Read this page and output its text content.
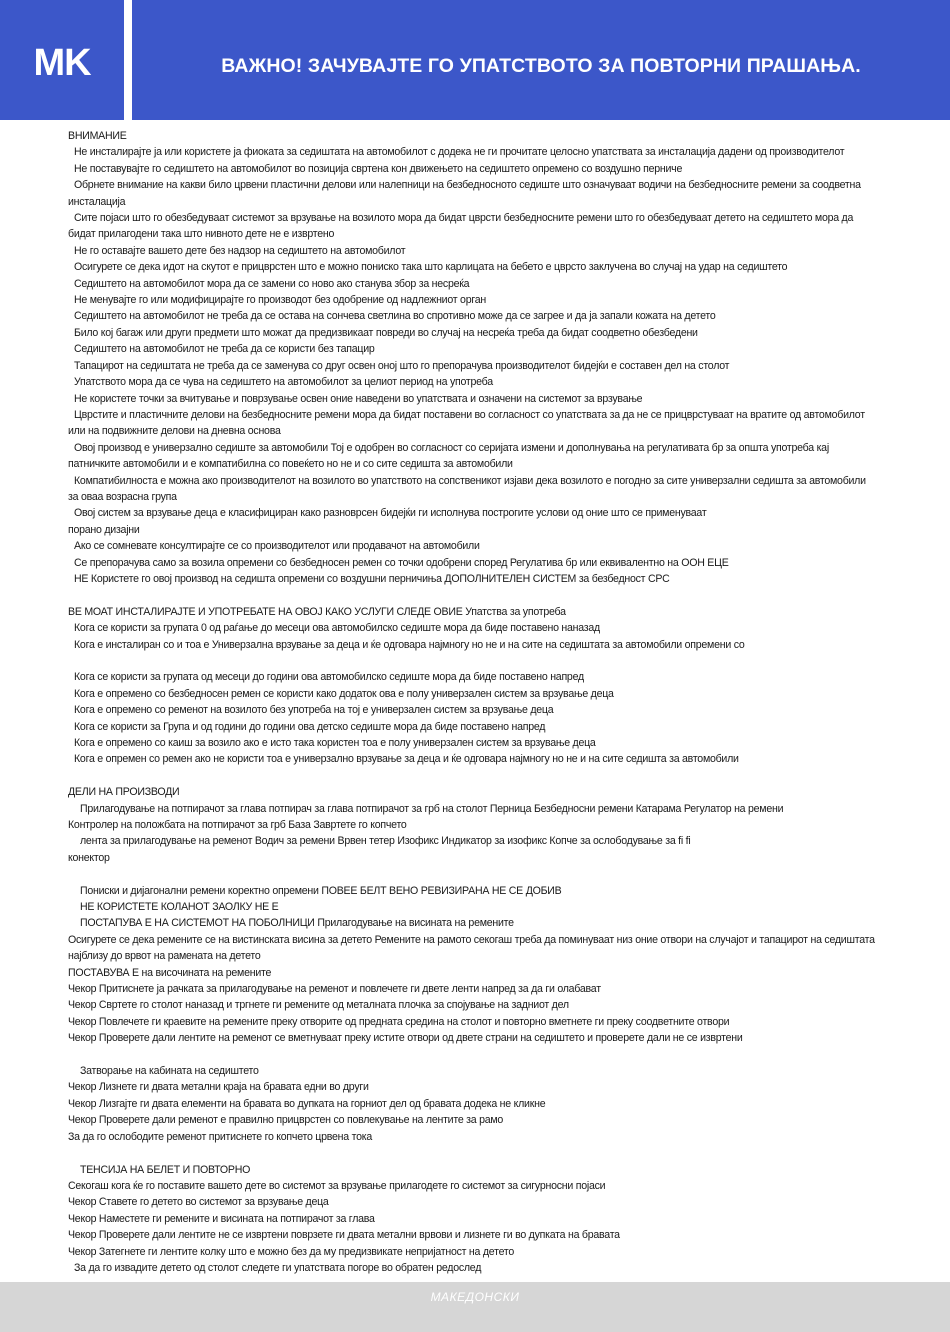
MK	ВАЖНО! ЗАЧУВАЈТЕ ГО УПАТСТВОТО ЗА ПОВТОРНИ ПРАШАЊА.
ВНИМАНИЕ
Не инсталирајте ја или користете ја фиоката за седиштата на автомобилот с додека не ги прочитате целосно упатствата за инсталација дадени од производителот
Не поставувајте го седиштето на автомобилот во позиција свртена кон движењето на седиштето опремено со воздушно перниче
Обрнете внимание на какви било црвени пластични делови или налепници на безбедносното седиште што означуваат водичи на безбедносните ремени за соодветна
инсталација
Сите појаси што го обезбедуваат системот за врзување на возилото мора да бидат цврсти безбедносните ремени што го обезбедуваат детето на седиштето мора да
бидат прилагодени така што нивното дете не е извртено
Не го оставајте вашето дете без надзор на седиштето на автомобилот
Осигурете се дека идот на скутот е прицврстен што е можно пониско така што карлицата на бебето е цврсто заклучена во случај на удар на седиштето
Седиштето на автомобилот мора да се замени со ново ако станува збор за несреќа
Не менувајте го или модифицирајте го производот без одобрение од надлежниот орган
Седиштето на автомобилот не треба да се остава на сончева светлина во спротивно може да се загрее и да ја запали кожата на детето
Било кој багаж или други предмети што можат да предизвикаат повреди во случај на несреќа треба да бидат соодветно обезбедени
Седиштето на автомобилот не треба да се користи без тапацир
Тапацирот на седиштата не треба да се заменува со друг освен оној што го препорачува производителот бидејќи е составен дел на столот
Упатството мора да се чува на седиштето на автомобилот за целиот период на употреба
Не користете точки за вчитување и поврзување освен оние наведени во упатствата и означени на системот за врзување
Цврстите и пластичните делови на безбедносните ремени мора да бидат поставени во согласност со упатствата за да не се прицврстуваат на вратите од автомобилот
или на подвижните делови на дневна основа
Овој производ е универзално седиште за автомобили Тој е одобрен во согласност со серијата измени и дополнувања на регулативата бр за општа употреба кај
патничките автомобили и е компатибилна со повеќето но не и со сите седишта за автомобили
Компатибилноста е можна ако производителот на возилото во упатството на сопственикот изјави дека возилото е погодно за сите универзални седишта за автомобили
за оваа возрасна група
Овој систем за врзување деца е класифициран како разноврсен бидејќи ги исполнува построгите услови од оние што се применуваат
порано дизајни
Ако се сомневате консултирајте се со производителот или продавачот на автомобили
Се препорачува само за возила опремени со безбедносен ремен со точки одобрени според Регулатива бр или еквивалентно на ООН ЕЦЕ
НЕ Користете го овој производ на седишта опремени со воздушни перничиња ДОПОЛНИТЕЛЕН СИСТЕМ за безбедност СРС
ВЕ МОАТ ИНСТАЛИРАЈТЕ И УПОТРЕБАТЕ НА ОВОЈ КАКО УСЛУГИ СЛЕДЕ ОВИЕ Упатства за употреба
Кога се користи за групата 0 од раѓање до месеци ова автомобилско седиште мора да биде поставено наназад
Кога е инсталиран со и тоа е Универзална врзување за деца и ќе одговара најмногу но не и на сите на седиштата за автомобили опремени со
Кога се користи за групата од месеци до години ова автомобилско седиште мора да биде поставено напред
Кога е опремено со безбедносен ремен се користи како додаток ова е полу универзален систем за врзување деца
Кога е опремено со ременот на возилото без употреба на тој е универзален систем за врзување деца
Кога се користи за Група и од години до години ова детско седиште мора да биде поставено напред
Кога е опремено со каиш за возило ако е исто така користен тоа е полу универзален систем за врзување деца
Кога е опремен со ремен ако не користи тоа е универзално врзување за деца и ќе одговара најмногу но не и на сите седишта за автомобили
ДЕЛИ НА ПРОИЗВОДИ
Прилагодување на потпирачот за глава потпирач за глава потпирачот за грб на столот Перница Безбедносни ремени Катарама Регулатор на ремени
Контролер на положбата на потпирачот за грб База Завртете го копчето
лента за прилагодување на ременот Водич за ремени Врвен тетер Изофикс Индикатор за изофикс Копче за ослободување за fi fi
конектор
Пониски и дијагонални ремени коректно опремени ПОВЕЕ БЕЛТ ВЕНО РЕВИЗИРАНА НЕ СЕ ДОБИВ
НЕ КОРИСТЕТЕ КОЛАНОТ ЗАОЛКУ НЕ Е
ПОСТАПУВА Е НА СИСТЕМОТ НА ПОБОЛНИЦИ Прилагодување на висината на ремените
Осигурете се дека ремените се на вистинската висина за детето Ремените на рамото секогаш треба да поминуваат низ оние отвори на случајот и тапацирот на седиштата
најблизу до врвот на рамената на детето
ПОСТАВУВА Е на височината на ремените
Чекор Притиснете ја рачката за прилагодување на ременот и повлечете ги двете ленти напред за да ги олабават
Чекор Свртете го столот наназад и тргнете ги ремените од металната плочка за спојување на задниот дел
Чекор Повлечете ги краевите на ремените преку отворите од предната средина на столот и повторно вметнете ги преку соодветните отвори
Чекор Проверете дали лентите на ременот се вметнуваат преку истите отвори од двете страни на седиштето и проверете дали не се извртени
Затворање на кабината на седиштето
Чекор Лизнете ги двата метални краја на бравата едни во други
Чекор Лизгајте ги двата елементи на бравата во дупката на горниот дел од бравата додека не кликне
Чекор Проверете дали ременот е правилно прицврстен со повлекување на лентите за рамо
За да го ослободите ременот притиснете го копчето црвена тока
ТЕНСИЈА НА БЕЛЕТ И ПОВТОРНО
Секогаш кога ќе го поставите вашето дете во системот за врзување прилагодете го системот за сигурносни појаси
Чекор Ставете го детето во системот за врзување деца
Чекор Наместете ги ремените и висината на потпирачот за глава
Чекор Проверете дали лентите не се извртени поврзете ги двата метални врвови и лизнете ги во дупката на бравата
Чекор Затегнете ги лентите колку што е можно без да му предизвикате непријатност на детето
За да го извадите детето од столот следете ги упатствата погоре во обратен редослед
МАКЕДОНСКИ
